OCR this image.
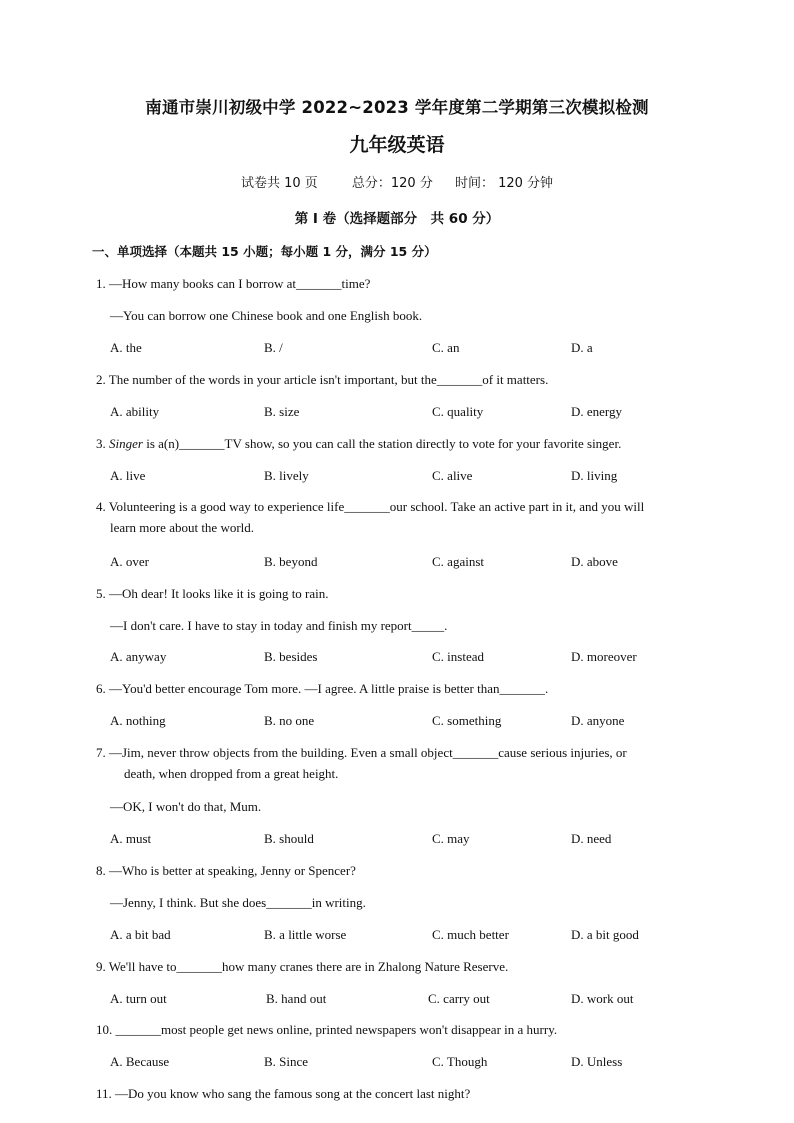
南通市崇川初级中学 2022~2023 学年度第二学期第三次模拟检测
九年级英语
试卷共 10 页	总分：120 分 时间： 120 分钟
第 I 卷（选择题部分　共 60 分）
一、单项选择（本题共 15 小题；每小题 1 分，满分 15 分）
1. —How many books can I borrow at_______time?
—You can borrow one Chinese book and one English book.
A. the	B. /	C. an	D. a
2. The number of the words in your article isn't important, but the_______of it matters.
A. ability	B. size	C. quality	D. energy
3. Singer is a(n)_______TV show, so you can call the station directly to vote for your favorite singer.
A. live	B. lively	C. alive	D. living
4. Volunteering is a good way to experience life_______our school. Take an active part in it, and you will
learn more about the world.
A. over	B. beyond	C. against	D. above
5. —Oh dear! It looks like it is going to rain.
—I don't care. I have to stay in today and finish my report_____.
A. anyway	B. besides	C. instead	D. moreover
6. —You'd better encourage Tom more. —I agree. A little praise is better than_______.
A. nothing	B. no one	C. something	D. anyone
7. —Jim, never throw objects from the building. Even a small object_______cause serious injuries, or
death, when dropped from a great height.
—OK, I won't do that, Mum.
A. must	B. should	C. may	D. need
8. —Who is better at speaking, Jenny or Spencer?
—Jenny, I think. But she does_______in writing.
A. a bit bad	B. a little worse	C. much better	D. a bit good
9. We'll have to_______how many cranes there are in Zhalong Nature Reserve.
A. turn out	B. hand out	C. carry out	D. work out
10. _______most people get news online, printed newspapers won't disappear in a hurry.
A. Because	B. Since	C. Though	D. Unless
11. —Do you know who sang the famous song at the concert last night?
